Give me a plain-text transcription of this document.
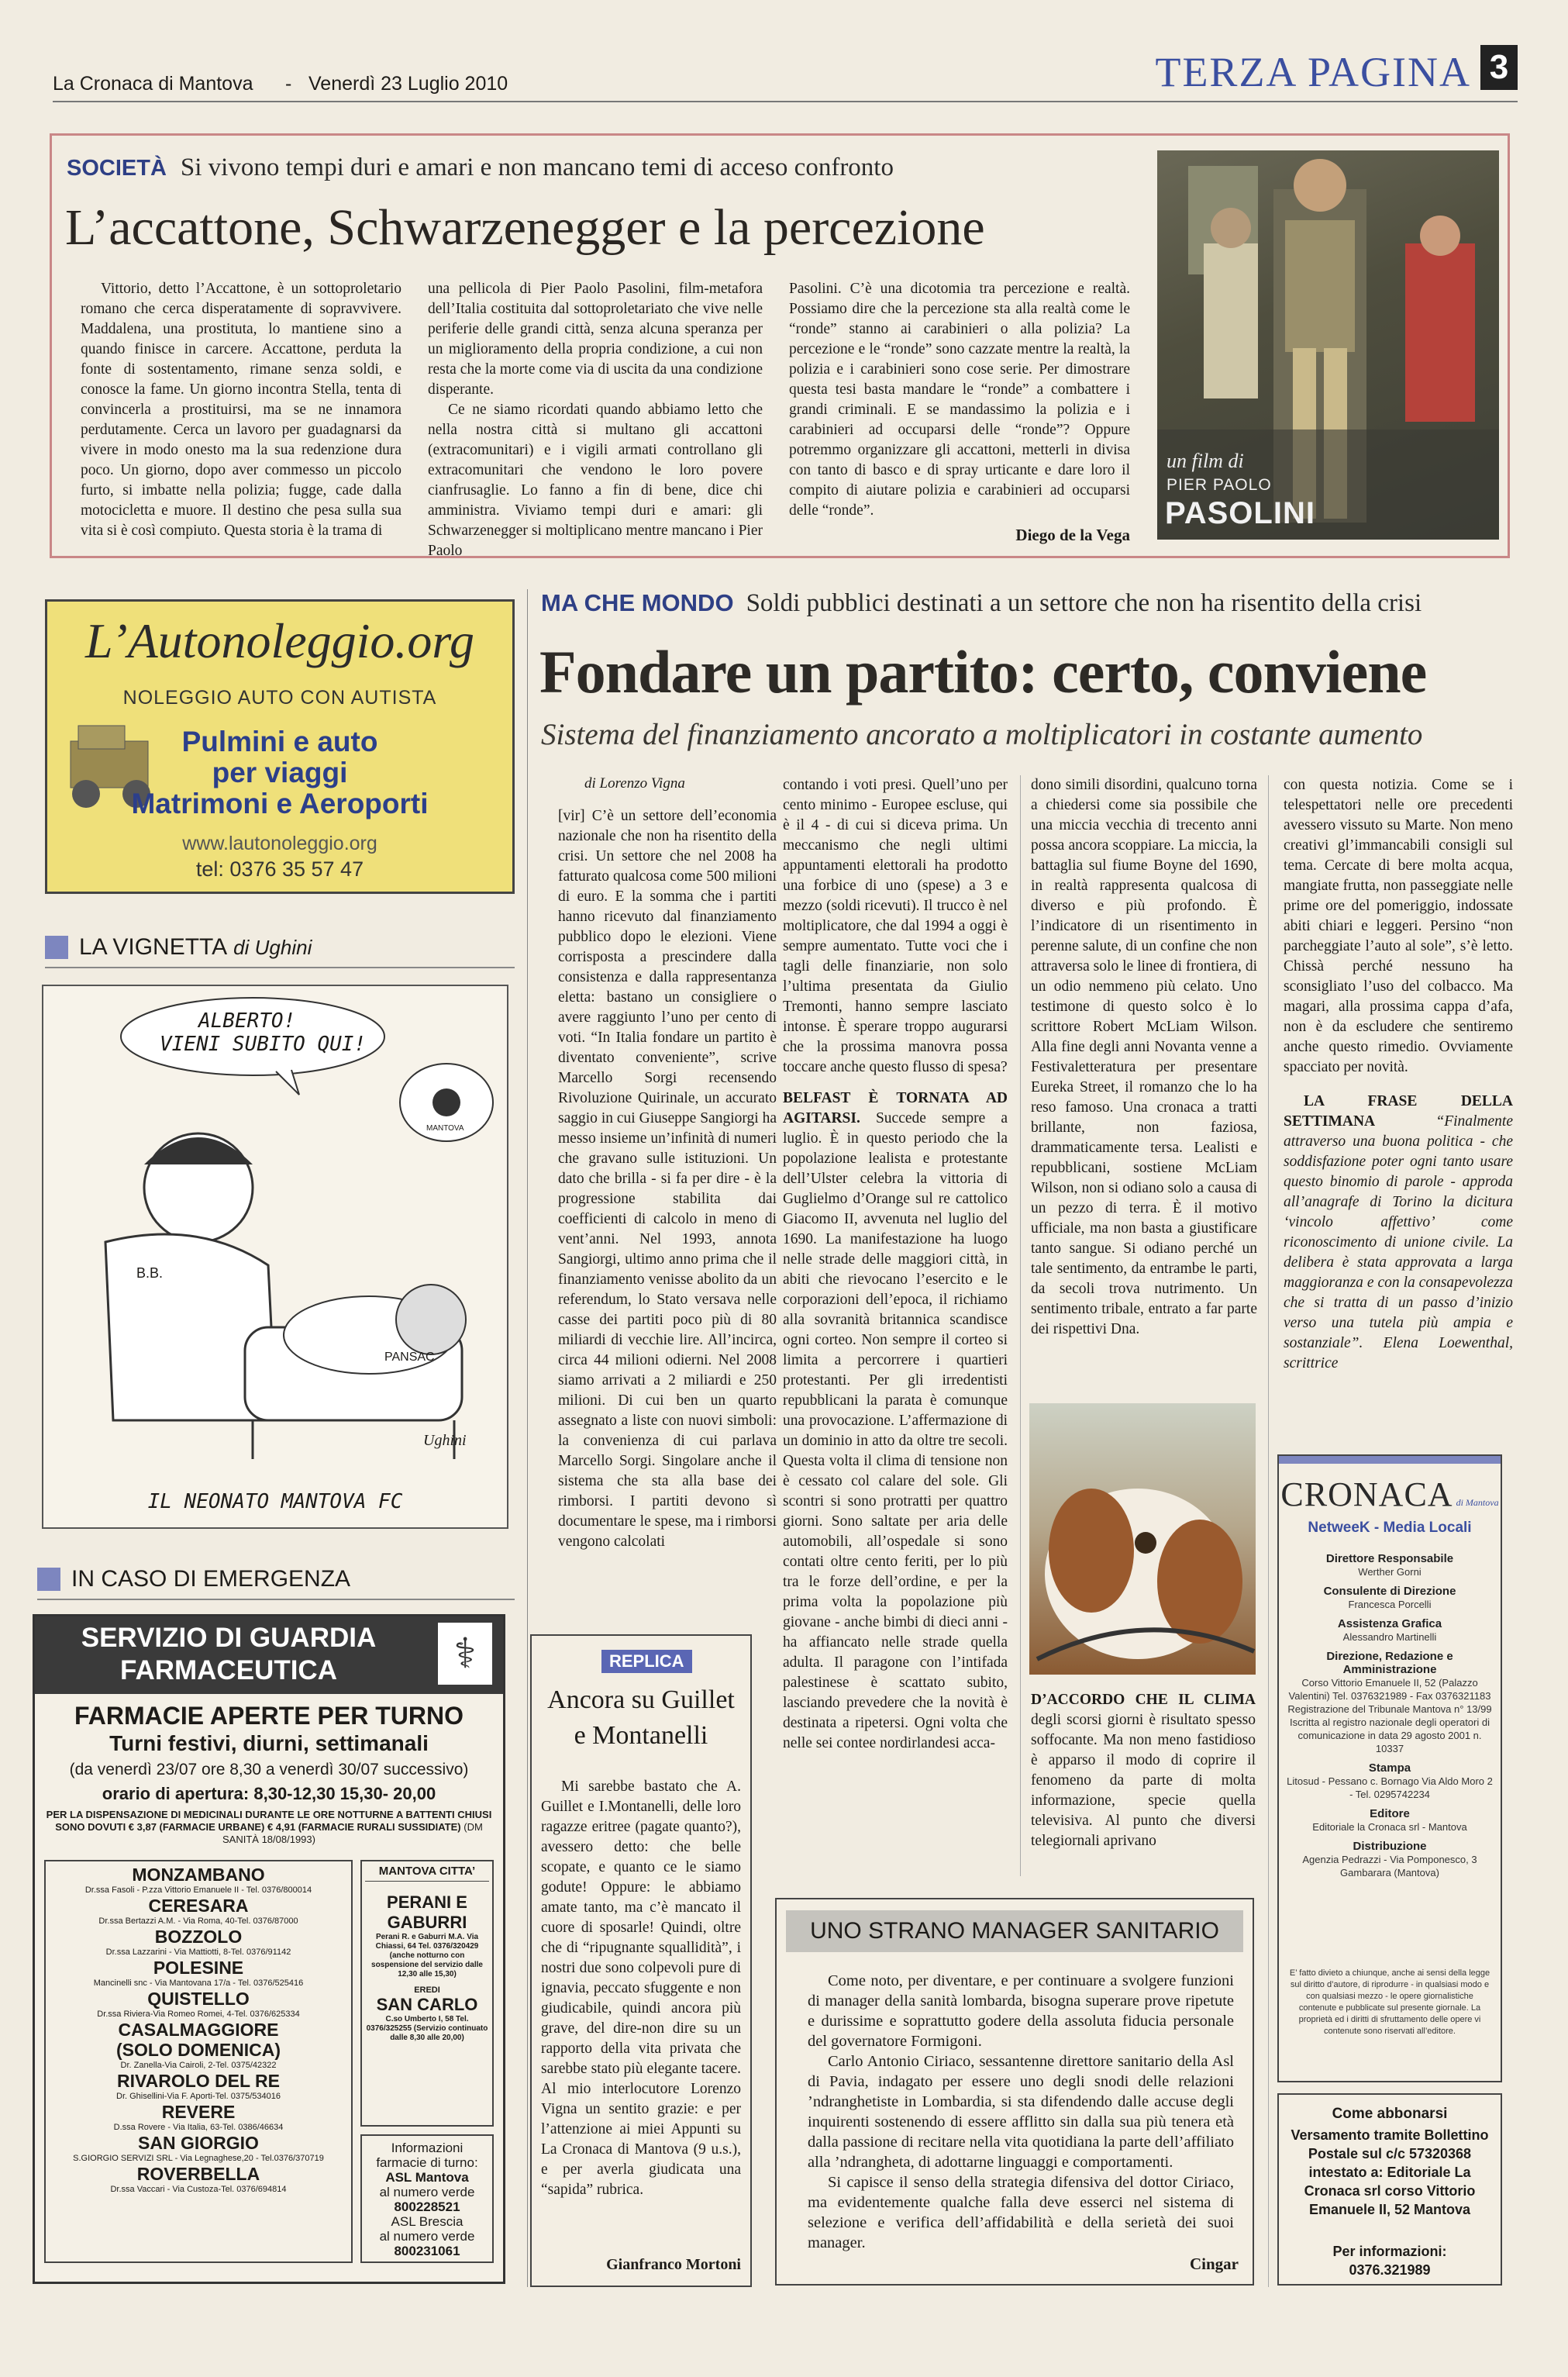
La Cronaca di Mantova - Venerdì 23 Luglio 2010	TERZA PAGINA 3
SOCIETÀ Si vivono tempi duri e amari e non mancano temi di acceso confronto
L’accattone, Schwarzenegger e la percezione

Vittorio, detto l’Accattone, è un sottoproletario romano che cerca disperatamente di sopravvivere. Maddalena, una prostituta, lo mantiene sino a quando finisce in carcere. Accattone, perduta la fonte di sostentamento, rimane senza soldi, e conosce la fame. Un giorno incontra Stella, tenta di convincerla a prostituirsi, ma se ne innamora perdutamente. Cerca un lavoro per guadagnarsi da vivere in modo onesto ma la sua redenzione dura poco. Un giorno, dopo aver commesso un piccolo furto, si imbatte nella polizia; fugge, cade dalla motocicletta e muore. Il destino che pesa sulla sua vita si è così compiuto. Questa storia è la trama di

una pellicola di Pier Paolo Pasolini, film-metafora dell’Italia costituita dal sottoproletariato che vive nelle periferie delle grandi città, senza alcuna speranza per un miglioramento della propria condizione, a cui non resta che la morte come via di uscita da una condizione disperante.

Ce ne siamo ricordati quando abbiamo letto che nella nostra città si multano gli accattoni (extracomunitari) e i vigili armati controllano gli extracomunitari che vendono le loro povere cianfrusaglie. Lo fanno a fin di bene, dice chi amministra. Viviamo tempi duri e amari: gli Schwarzenegger si moltiplicano mentre mancano i Pier Paolo

Pasolini. C’è una dicotomia tra percezione e realtà. Possiamo dire che la percezione sta alla realtà come le “ronde” stanno ai carabinieri o alla polizia? La percezione e le “ronde” sono cazzate mentre la realtà, la polizia e i carabinieri sono cose serie. Per dimostrare questa tesi basta mandare le “ronde” a combattere i grandi criminali. E se mandassimo la polizia e i carabinieri ad occuparsi delle “ronde”? Oppure potremmo organizzare gli accattoni, metterli in divisa con tanto di basco e di spray urticante e dare loro il compito di aiutare polizia e carabinieri ad occuparsi delle “ronde”.

Diego de la Vega
un film di
PIER PAOLO
PASOLINI
L’Autonoleggio.org
NOLEGGIO AUTO CON AUTISTA
Pulmini e auto
per viaggi
Matrimoni e Aeroporti
www.lautonoleggio.org
tel: 0376 35 57 47
LA VIGNETTA di Ughini
ALBERTO!
VIENI SUBITO QUI!
B.B.
PANSAC
MANTOVA
Ughini
IL NEONATO MANTOVA FC
IN CASO DI EMERGENZA
SERVIZIO DI GUARDIA
FARMACEUTICA	⚕
FARMACIE APERTE PER TURNO
Turni festivi, diurni, settimanali
(da venerdì 23/07 ore 8,30 a venerdì 30/07 successivo)
orario di apertura: 8,30-12,30 15,30- 20,00
PER LA DISPENSAZIONE DI MEDICINALI DURANTE LE ORE NOTTURNE A BATTENTI CHIUSI SONO DOVUTI € 3,87 (FARMACIE URBANE) € 4,91 (FARMACIE RURALI SUSSIDIATE) (DM SANITÀ 18/08/1993)
MONZAMBANO
Dr.ssa Fasoli - P.zza Vittorio Emanuele II - Tel. 0376/800014
CERESARA
Dr.ssa Bertazzi A.M. - Via Roma, 40-Tel. 0376/87000
BOZZOLO
Dr.ssa Lazzarini - Via Mattiotti, 8-Tel. 0376/91142
POLESINE
Mancinelli snc - Via Mantovana 17/a - Tel. 0376/525416
QUISTELLO
Dr.ssa Riviera-Via Romeo Romei, 4-Tel. 0376/625334
CASALMAGGIORE
(SOLO DOMENICA)
Dr. Zanella-Via Cairoli, 2-Tel. 0375/42322
RIVAROLO DEL RE
Dr. Ghisellini-Via F. Aporti-Tel. 0375/534016
REVERE
D.ssa Rovere - Via Italia, 63-Tel. 0386/46634
SAN GIORGIO
S.GIORGIO SERVIZI SRL - Via Legnaghese,20 - Tel.0376/370719
ROVERBELLA
Dr.ssa Vaccari - Via Custoza-Tel. 0376/694814
MANTOVA CITTA’
PERANI E GABURRI
Perani R. e Gaburri M.A. Via Chiassi, 64 Tel. 0376/320429 (anche notturno con sospensione del servizio dalle 12,30 alle 15,30)
EREDI
SAN CARLO
C.so Umberto I, 58 Tel. 0376/325255 (Servizio continuato dalle 8,30 alle 20,00)
Informazioni farmacie di turno:
ASL Mantova
al numero verde
800228521
ASL Brescia
al numero verde
800231061
MA CHE MONDO Soldi pubblici destinati a un settore che non ha risentito della crisi
Fondare un partito: certo, conviene
Sistema del finanziamento ancorato a moltiplicatori in costante aumento
di Lorenzo Vigna

[vir] C’è un settore dell’economia nazionale che non ha risentito della crisi. Un settore che nel 2008 ha fatturato qualcosa come 500 milioni di euro. E la somma che i partiti hanno ricevuto dal finanziamento pubblico dopo le elezioni. Viene corrisposta a prescindere dalla consistenza e dalla rappresentanza eletta: bastano un consigliere o avere raggiunto l’uno per cento di voti. “In Italia fondare un partito è diventato conveniente”, scrive Marcello Sorgi recensendo Rivoluzione Quirinale, un accurato saggio in cui Giuseppe Sangiorgi ha messo insieme un’infinità di numeri che gravano sulle istituzioni. Un dato che brilla - si fa per dire - è la progressione stabilita dai coefficienti di calcolo in meno di vent’anni. Nel 1993, annota Sangiorgi, ultimo anno prima che il finanziamento venisse abolito da un referendum, lo Stato versava nelle casse dei partiti poco più di 80 miliardi di vecchie lire. All’incirca, circa 44 milioni odierni. Nel 2008 siamo arrivati a 2 miliardi e 250 milioni. Di cui ben un quarto assegnato a liste con nuovi simboli: la convenienza di cui parlava Marcello Sorgi. Singolare anche il sistema che sta alla base dei rimborsi. I partiti devono sì documentare le spese, ma i rimborsi vengono calcolati

contando i voti presi. Quell’uno per cento minimo - Europee escluse, qui è il 4 - di cui si diceva prima. Un meccanismo che negli ultimi appuntamenti elettorali ha prodotto una forbice di uno (spese) a 3 e mezzo (soldi ricevuti). Il trucco è nel moltiplicatore, che dal 1994 a oggi è sempre aumentato. Tutte voci che i tagli delle finanziarie, non solo l’ultima presentata da Giulio Tremonti, hanno sempre lasciato intonse. È sperare troppo augurarsi che la prossima manovra possa toccare anche questo flusso di spesa?

BELFAST È TORNATA AD AGITARSI. Succede sempre a luglio. È in questo periodo che la popolazione lealista e protestante dell’Ulster celebra la vittoria di Guglielmo d’Orange sul re cattolico Giacomo II, avvenuta nel luglio del 1690. La manifestazione ha luogo nelle strade delle maggiori città, in abiti che rievocano l’esercito e le corporazioni dell’epoca, il richiamo alla sovranità britannica scandisce ogni corteo. Non sempre il corteo si limita a percorrere i quartieri protestanti. Per gli irredentisti repubblicani la parata è comunque una provocazione. L’affermazione di un dominio in atto da oltre tre secoli. Questa volta il clima di tensione non è cessato col calare del sole. Gli scontri si sono protratti per quattro giorni. Sono saltate per aria delle automobili, all’ospedale si sono contati oltre cento feriti, per lo più tra le forze dell’ordine, e per la prima volta la popolazione più giovane - anche bimbi di dieci anni - ha affiancato nelle strade quella adulta. Il paragone con l’intifada palestinese è scattato subito, lasciando prevedere che la novità è destinata a ripetersi. Ogni volta che nelle sei contee nordirlandesi acca-

dono simili disordini, qualcuno torna a chiedersi come sia possibile che una miccia vecchia di trecento anni possa ancora scoppiare. La miccia, la battaglia sul fiume Boyne del 1690, in realtà rappresenta qualcosa di diverso e più profondo. È l’indicatore di un risentimento in perenne salute, di un confine che non attraversa solo le linee di frontiera, di un odio nemmeno più celato. Uno testimone di questo solco è lo scrittore Robert McLiam Wilson. Alla fine degli anni Novanta venne a Festivaletteratura per presentare Eureka Street, il romanzo che lo ha reso famoso. Una cronaca a tratti brillante, non faziosa, drammaticamente tersa. Lealisti e repubblicani, sostiene McLiam Wilson, non si odiano solo a causa di un pezzo di terra. È il motivo ufficiale, ma non basta a giustificare tanto sangue. Si odiano perché un tale sentimento, da entrambe le parti, da secoli trova nutrimento. Un sentimento tribale, entrato a far parte dei rispettivi Dna.

con questa notizia. Come se i telespettatori nelle ore precedenti avessero vissuto su Marte. Non meno creativi gl’immancabili consigli sul tema. Cercate di bere molta acqua, mangiate frutta, non passeggiate nelle prime ore del pomeriggio, indossate abiti chiari e leggeri. Persino “non parcheggiate l’auto al sole”, s’è letto. Chissà perché nessuno ha sconsigliato l’uso del colbacco. Ma magari, alla prossima cappa d’afa, non è da escludere che sentiremo anche questo rimedio. Ovviamente spacciato per novità.

LA FRASE DELLA SETTIMANA	“Finalmente attraverso una buona politica - che soddisfazione poter ogni tanto usare questo binomio di parole - approda all’anagrafe di Torino la dicitura ‘vincolo affettivo’ come riconoscimento di unione civile. La delibera è stata approvata a larga maggioranza e con la consapevolezza che si tratta di un passo d’inizio verso una tutela più ampia e sostanziale”. Elena Loewenthal, scrittrice

D’ACCORDO CHE IL CLIMA degli scorsi giorni è risultato spesso soffocante. Ma non meno fastidioso è apparso il modo di coprire il fenomeno da parte di molta informazione, specie quella televisiva. Al punto che diversi telegiornali aprivano

REPLICA
Ancora su Guillet e Montanelli

Mi sarebbe bastato che A. Guillet e I.Montanelli, delle loro ragazze eritree (pagate quanto?), avessero detto: che belle scopate, e quanto ce le siamo godute! Oppure: le abbiamo amate tanto, ma c’è mancato il cuore di sposarle! Quindi, oltre che di “ripugnante squallidità”, i nostri due sono colpevoli pure di ignavia, peccato sfuggente e non giudicabile, quindi ancora più grave, del dire-non dire su un rapporto della vita privata che sarebbe stato più elegante tacere. Al mio interlocutore Lorenzo Vigna un sentito grazie: e per l’attenzione ai miei Appunti su La Cronaca di Mantova (9 u.s.), e per averla giudicata una “sapida” rubrica.

Gianfranco Mortoni
UNO STRANO MANAGER SANITARIO

Come noto, per diventare, e per continuare a svolgere funzioni di manager della sanità lombarda, bisogna superare prove ripetute e durissime e soprattutto godere della assoluta fiducia personale del governatore Formigoni.

Carlo Antonio Ciriaco, sessantenne direttore sanitario della Asl di Pavia, indagato per essere uno degli snodi delle relazioni ’ndranghetiste in Lombardia, si sta difendendo dalle accuse degli inquirenti sostenendo di essere afflitto sin dalla sua più tenera età dalla passione di recitare nella vita quotidiana la parte dell’affiliato alla ’ndrangheta, di adottarne linguaggi e comportamenti.

Si capisce il senso della strategia difensiva del dottor Ciriaco, ma evidentemente qualche falla deve esserci nel sistema di selezione e verifica dell’affidabilità e della serietà dei suoi manager.

Cingar
CRONACA di Mantova
NetweeK - Media Locali
Direttore Responsabile
Werther Gorni
Consulente di Direzione
Francesca Porcelli
Assistenza Grafica
Alessandro Martinelli
Direzione, Redazione e Amministrazione
Corso Vittorio Emanuele II, 52 (Palazzo Valentini) Tel. 0376321989 - Fax 0376321183 Registrazione del Tribunale Mantova n° 13/99 Iscritta al registro nazionale degli operatori di comunicazione in data 29 agosto 2001 n. 10337
Stampa
Litosud - Pessano c. Bornago Via Aldo Moro 2 - Tel. 0295742234
Editore
Editoriale la Cronaca srl - Mantova
Distribuzione
Agenzia Pedrazzi - Via Pomponesco, 3 Gambarara (Mantova)
E’ fatto divieto a chiunque, anche ai sensi della legge sul diritto d’autore, di riprodurre - in qualsiasi modo e con qualsiasi mezzo - le opere giornalistiche contenute e pubblicate sul presente giornale. La proprietà ed i diritti di sfruttamento delle opere vi contenute sono riservati all’editore.
Come abbonarsi
Versamento tramite Bollettino Postale sul c/c 57320368 intestato a: Editoriale La Cronaca srl corso Vittorio Emanuele II, 52 Mantova
Per informazioni:
0376.321989
